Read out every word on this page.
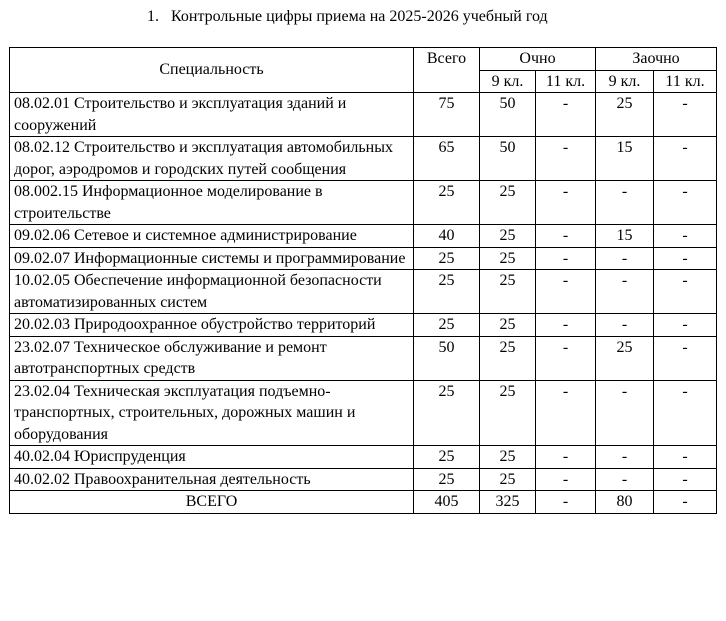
1. Контрольные цифры приема на 2025-2026 учебный год
Специальность	Всего	Очно		Заочно	
		9 кл.	11 кл.	9 кл.	11 кл.
08.02.01 Строительство и эксплуатация зданий и сооружений	75	50	-	25	-
08.02.12 Строительство и эксплуатация автомобильных дорог, аэродромов и городских путей сообщения	65	50	-	15	-
08.002.15 Информационное моделирование в строительстве	25	25	-	-	-
09.02.06 Сетевое и системное администрирование	40	25	-	15	-
09.02.07 Информационные системы и программирование	25	25	-	-	-
10.02.05 Обеспечение информационной безопасности автоматизированных систем	25	25	-	-	-
20.02.03 Природоохранное обустройство территорий	25	25	-	-	-
23.02.07 Техническое обслуживание и ремонт автотранспортных средств	50	25	-	25	-
23.02.04 Техническая эксплуатация подъемно-транспортных, строительных, дорожных машин и оборудования	25	25	-	-	-
40.02.04 Юриспруденция	25	25	-	-	-
40.02.02 Правоохранительная деятельность	25	25	-	-	-
ВСЕГО	405	325	-	80	-
